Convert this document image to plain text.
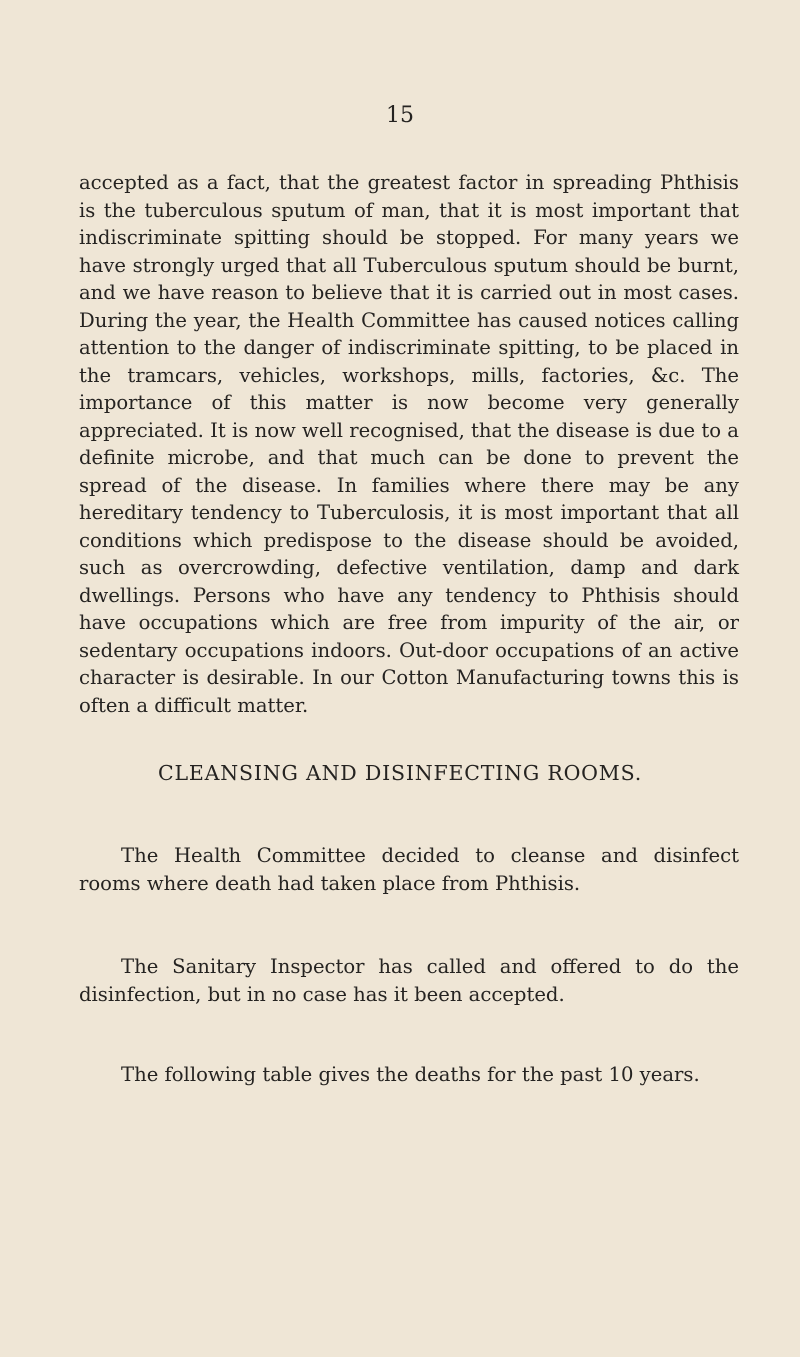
15

accepted as a fact, that the greatest factor in spreading Phthisis is the tuberculous sputum of man, that it is most important that indiscriminate spitting should be stopped. For many years we have strongly urged that all Tuberculous sputum should be burnt, and we have reason to believe that it is carried out in most cases. During the year, the Health Committee has caused notices calling attention to the danger of indiscriminate spitting, to be placed in the tramcars, vehicles, workshops, mills, factories, &c. The importance of this matter is now become very generally appreciated. It is now well recognised, that the disease is due to a definite microbe, and that much can be done to prevent the spread of the disease. In families where there may be any hereditary tendency to Tuberculosis, it is most important that all conditions which predispose to the disease should be avoided, such as overcrowding, defective ventilation, damp and dark dwellings. Persons who have any tendency to Phthisis should have occupations which are free from impurity of the air, or sedentary occupations indoors. Out-door occupations of an active character is desirable. In our Cotton Manufacturing towns this is often a difficult matter.

CLEANSING AND DISINFECTING ROOMS.

The Health Committee decided to cleanse and disinfect rooms where death had taken place from Phthisis.

The Sanitary Inspector has called and offered to do the disinfection, but in no case has it been accepted.

The following table gives the deaths for the past 10 years.
